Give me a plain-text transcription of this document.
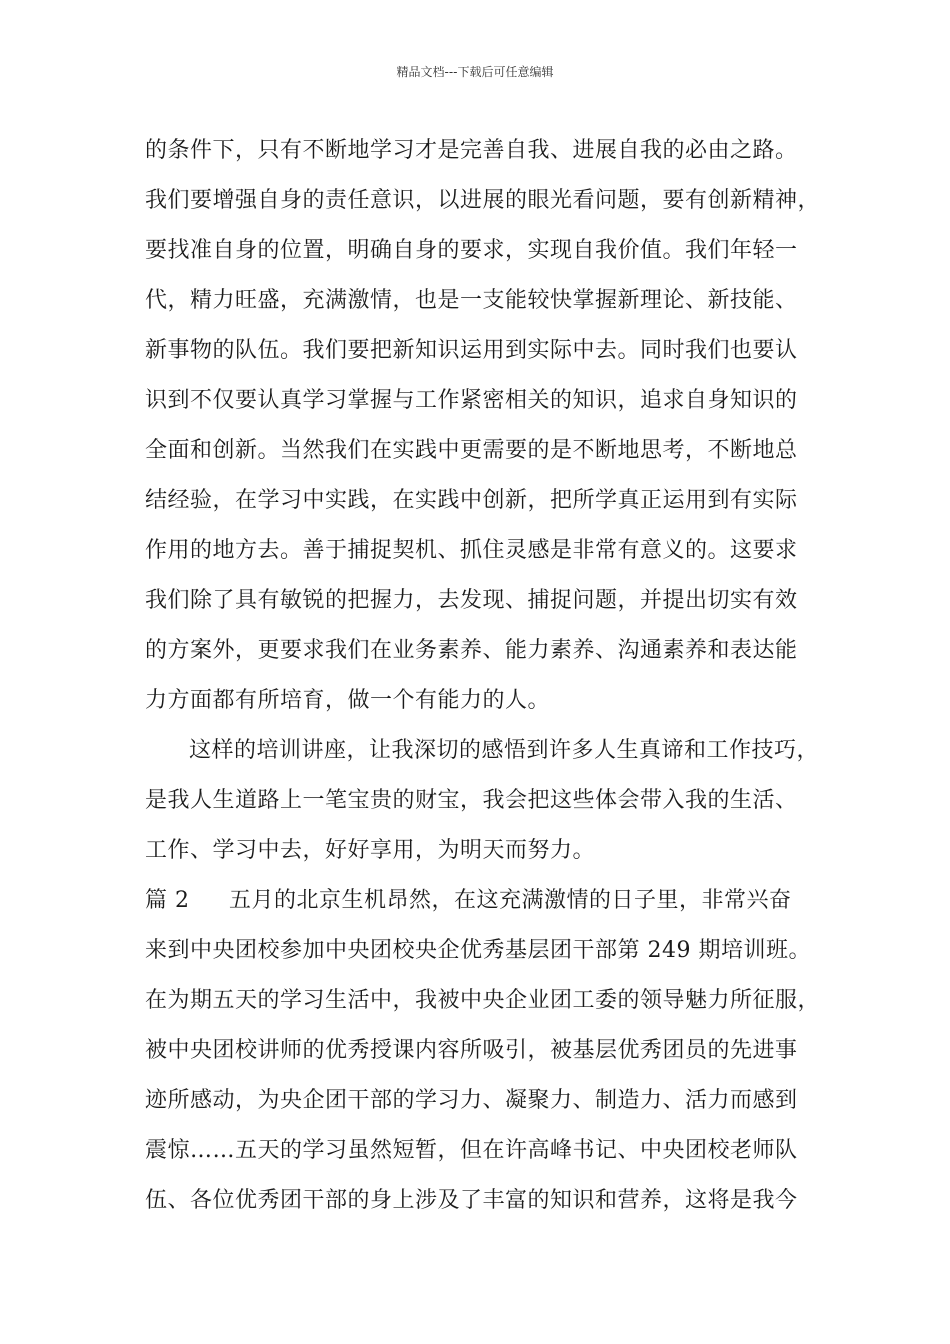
精品文档---下载后可任意编辑
的条件下，只有不断地学习才是完善自我、进展自我的必由之路。
我们要增强自身的责任意识，以进展的眼光看问题，要有创新精神，
要找准自身的位置，明确自身的要求，实现自我价值。我们年轻一
代，精力旺盛，充满激情，也是一支能较快掌握新理论、新技能、
新事物的队伍。我们要把新知识运用到实际中去。同时我们也要认
识到不仅要认真学习掌握与工作紧密相关的知识，追求自身知识的
全面和创新。当然我们在实践中更需要的是不断地思考，不断地总
结经验，在学习中实践，在实践中创新，把所学真正运用到有实际
作用的地方去。善于捕捉契机、抓住灵感是非常有意义的。这要求
我们除了具有敏锐的把握力，去发现、捕捉问题，并提出切实有效
的方案外，更要求我们在业务素养、能力素养、沟通素养和表达能
力方面都有所培育，做一个有能力的人。
这样的培训讲座，让我深切的感悟到许多人生真谛和工作技巧，
是我人生道路上一笔宝贵的财宝，我会把这些体会带入我的生活、
工作、学习中去，好好享用，为明天而努力。
篇 2 五月的北京生机昂然，在这充满激情的日子里，非常兴奋
来到中央团校参加中央团校央企优秀基层团干部第 249 期培训班。
在为期五天的学习生活中，我被中央企业团工委的领导魅力所征服，
被中央团校讲师的优秀授课内容所吸引，被基层优秀团员的先进事
迹所感动，为央企团干部的学习力、凝聚力、制造力、活力而感到
震惊……五天的学习虽然短暂，但在许高峰书记、中央团校老师队
伍、各位优秀团干部的身上涉及了丰富的知识和营养，这将是我今
